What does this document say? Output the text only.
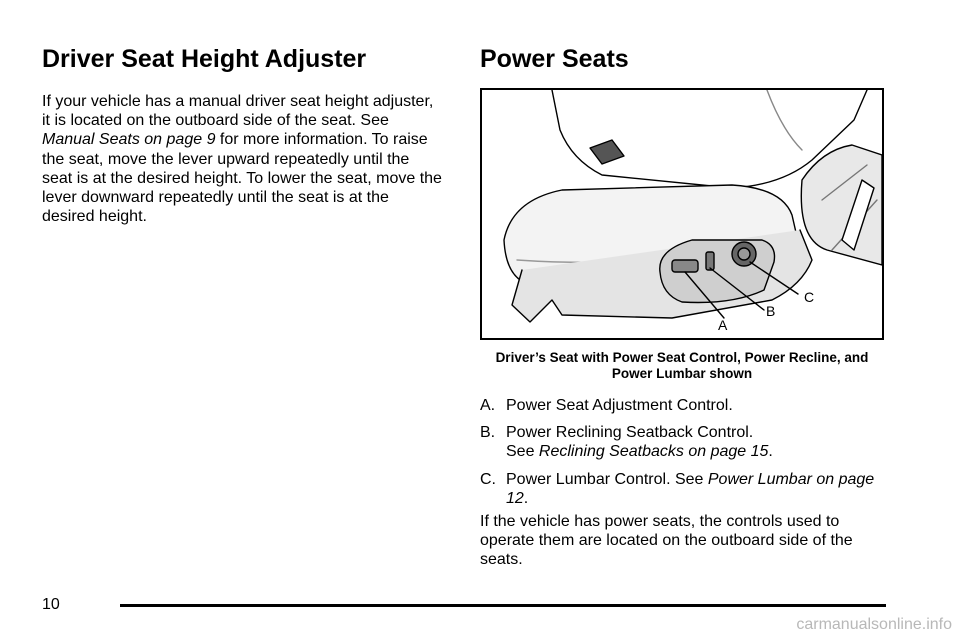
Driver Seat Height Adjuster

If your vehicle has a manual driver seat height adjuster, it is located on the outboard side of the seat. See Manual Seats on page 9 for more information. To raise the seat, move the lever upward repeatedly until the seat is at the desired height. To lower the seat, move the lever downward repeatedly until the seat is at the desired height.

Power Seats
A
B
C
Driver’s Seat with Power Seat Control, Power Recline, and Power Lumbar shown
A. Power Seat Adjustment Control.
B. Power Reclining Seatback Control.
See Reclining Seatbacks on page 15.
C. Power Lumbar Control. See Power Lumbar on page 12.

If the vehicle has power seats, the controls used to operate them are located on the outboard side of the seats.

10
carmanualsonline.info
